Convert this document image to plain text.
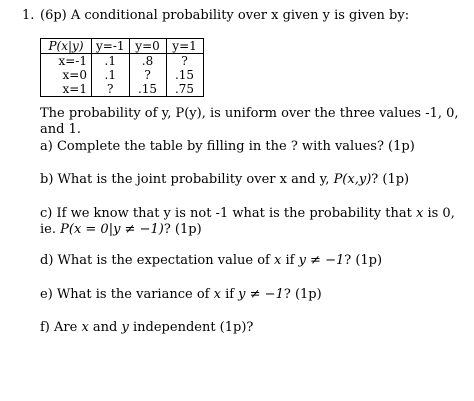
1. (6p) A conditional probability over x given y is given by:
P(x|y)	y=-1	y=0	y=1
x=-1	.1	.8	?
x=0	.1	?	.15
x=1	?	.15	.75
The probability of y, P(y), is uniform over the three values -1, 0, and 1.
a) Complete the table by filling in the ? with values? (1p)
b) What is the joint probability over x and y, P(x,y)? (1p)
c) If we know that y is not -1 what is the probability that x is 0,
ie. P(x = 0|y ≠ −1)? (1p)
d) What is the expectation value of x if y ≠ −1? (1p)
e) What is the variance of x if y ≠ −1? (1p)
f) Are x and y independent (1p)?
